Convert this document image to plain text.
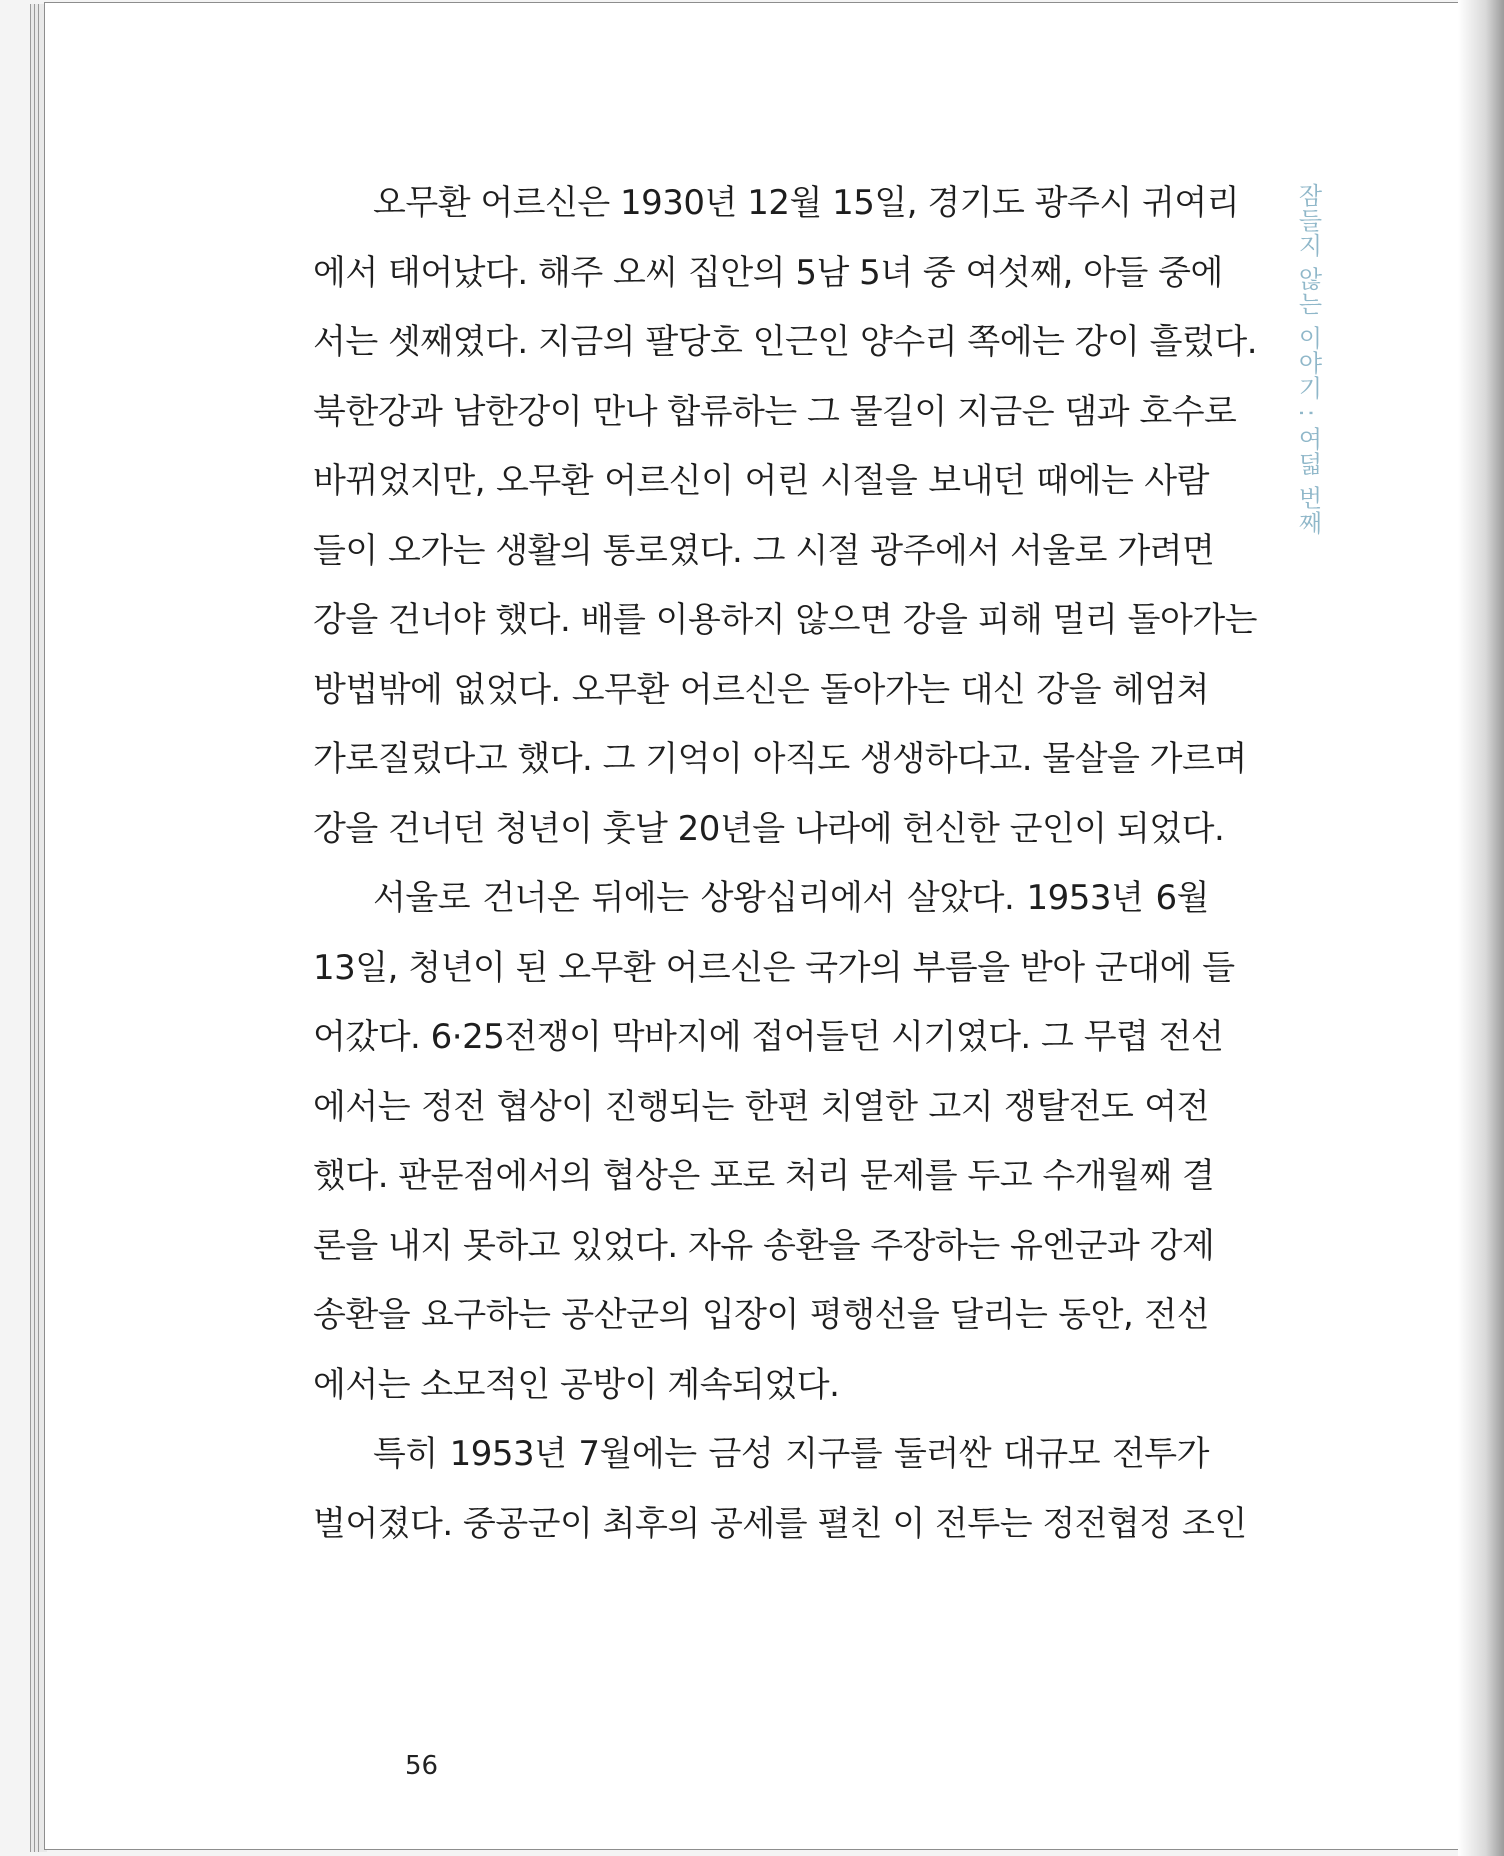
오무환 어르신은 1930년 12월 15일, 경기도 광주시 귀여리
에서 태어났다. 해주 오씨 집안의 5남 5녀 중 여섯째, 아들 중에
서는 셋째였다. 지금의 팔당호 인근인 양수리 쪽에는 강이 흘렀다.
북한강과 남한강이 만나 합류하는 그 물길이 지금은 댐과 호수로
바뀌었지만, 오무환 어르신이 어린 시절을 보내던 때에는 사람
들이 오가는 생활의 통로였다. 그 시절 광주에서 서울로 가려면
강을 건너야 했다. 배를 이용하지 않으면 강을 피해 멀리 돌아가는
방법밖에 없었다. 오무환 어르신은 돌아가는 대신 강을 헤엄쳐
가로질렀다고 했다. 그 기억이 아직도 생생하다고. 물살을 가르며
강을 건너던 청년이 훗날 20년을 나라에 헌신한 군인이 되었다.
서울로 건너온 뒤에는 상왕십리에서 살았다. 1953년 6월
13일, 청년이 된 오무환 어르신은 국가의 부름을 받아 군대에 들
어갔다. 6·25전쟁이 막바지에 접어들던 시기였다. 그 무렵 전선
에서는 정전 협상이 진행되는 한편 치열한 고지 쟁탈전도 여전
했다. 판문점에서의 협상은 포로 처리 문제를 두고 수개월째 결
론을 내지 못하고 있었다. 자유 송환을 주장하는 유엔군과 강제
송환을 요구하는 공산군의 입장이 평행선을 달리는 동안, 전선
에서는 소모적인 공방이 계속되었다.
특히 1953년 7월에는 금성 지구를 둘러싼 대규모 전투가
벌어졌다. 중공군이 최후의 공세를 펼친 이 전투는 정전협정 조인
잠들지 않는 이야기 : 여덟 번째
56
